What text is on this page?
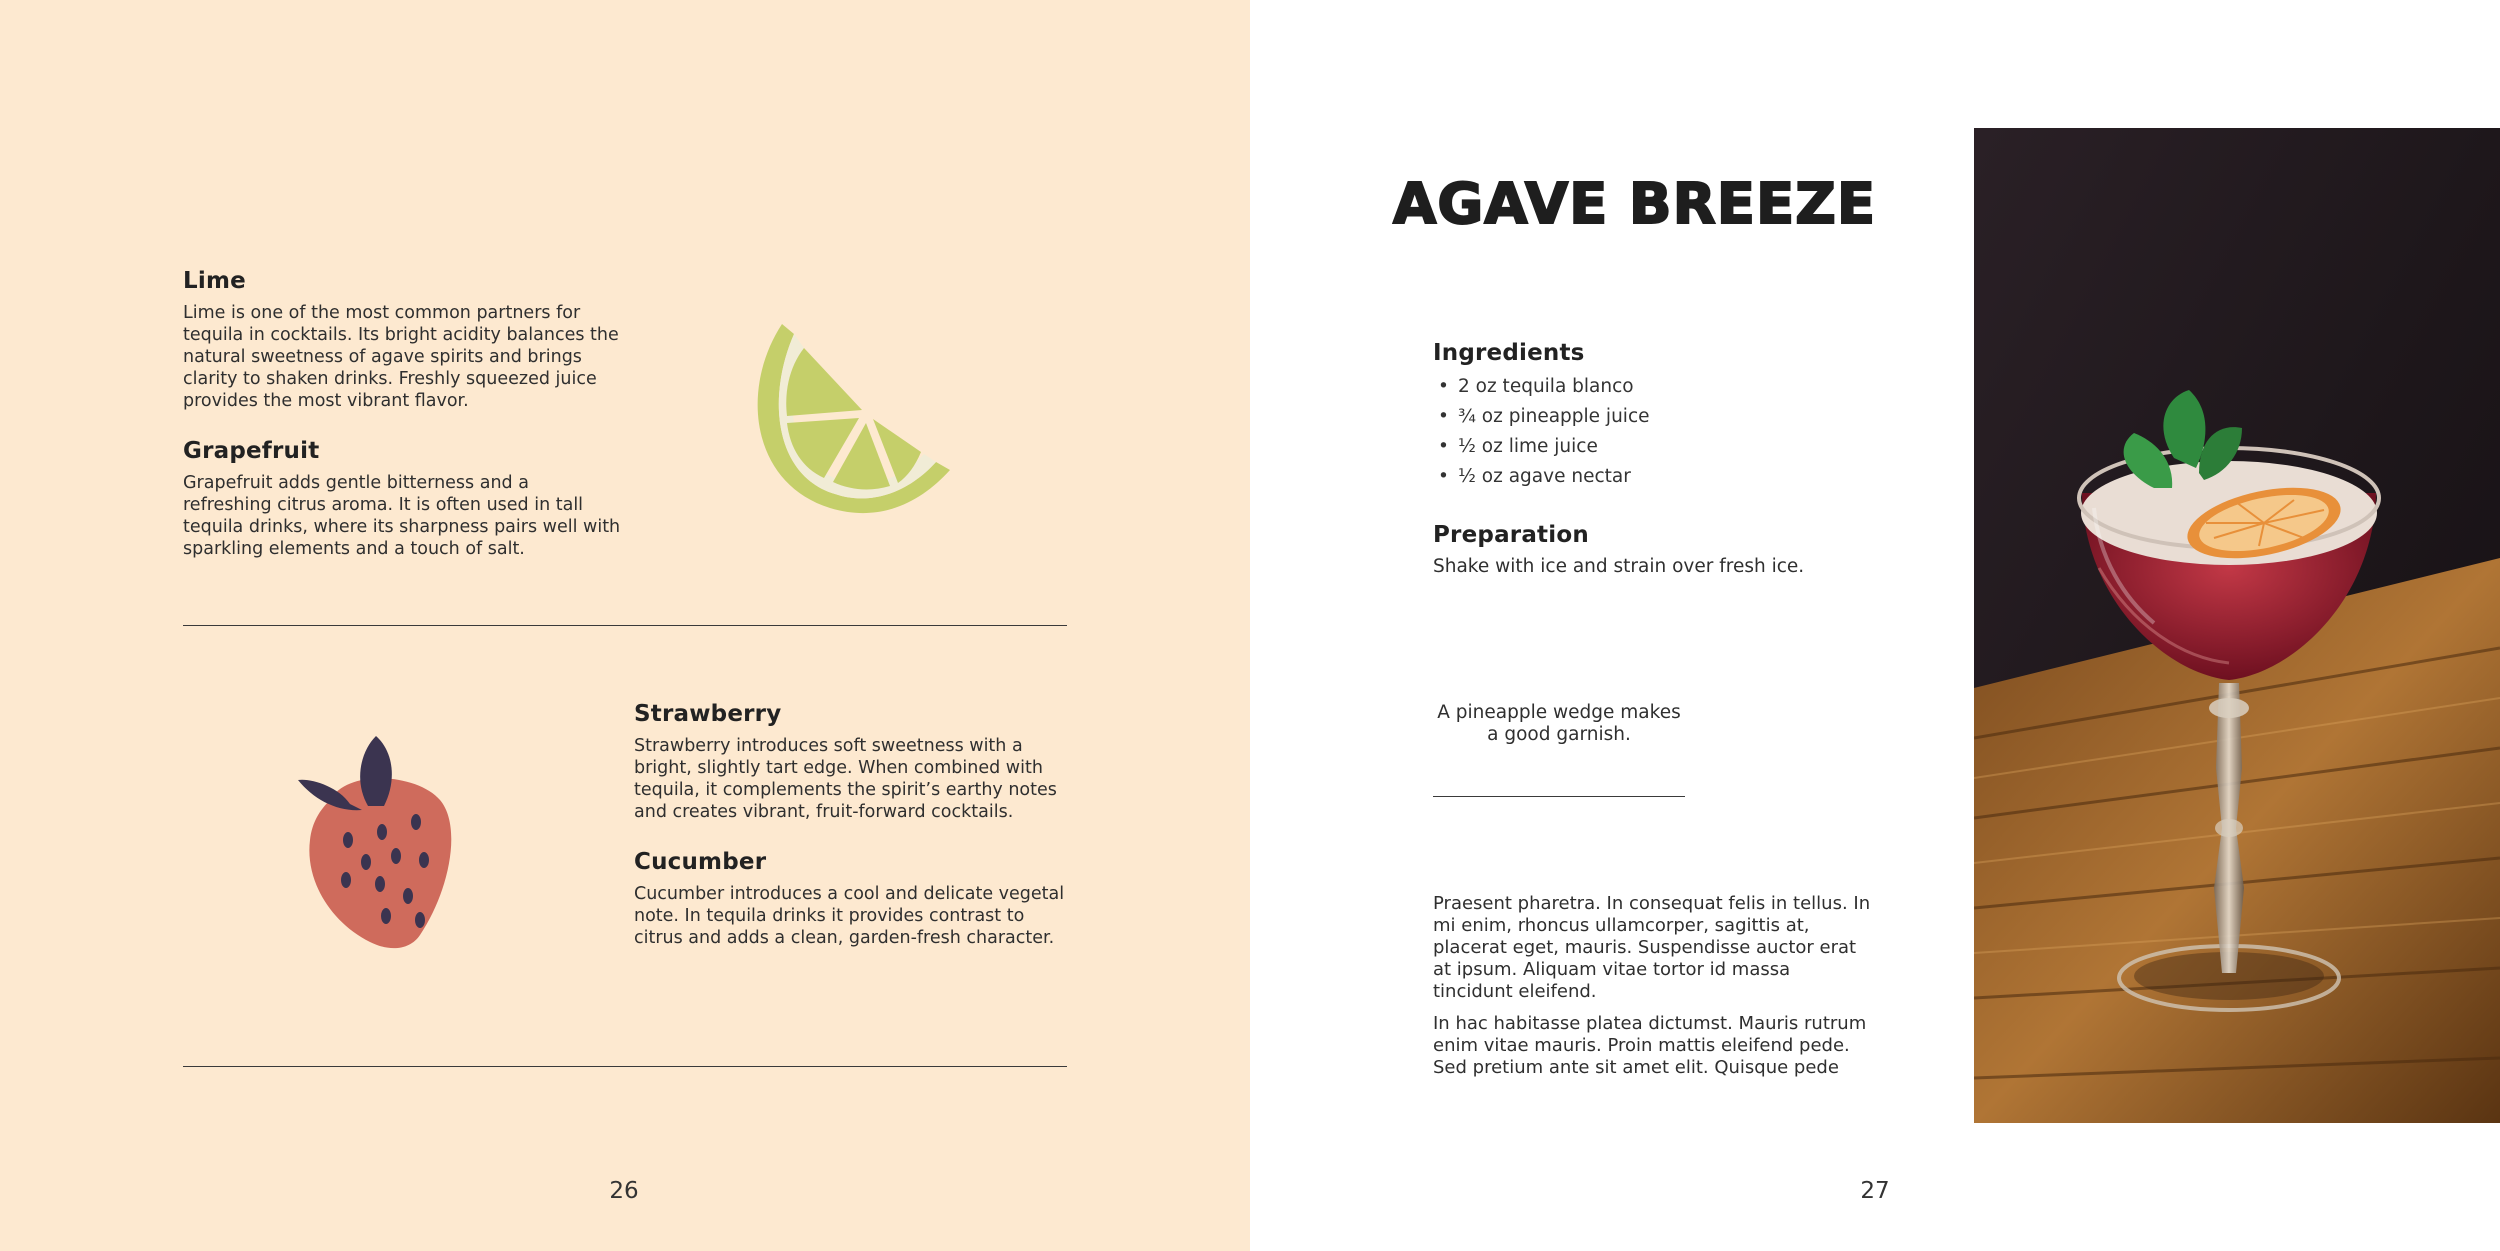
Lime

Lime is one of the most common partners for tequila in cocktails. Its bright acidity balances the natural sweetness of agave spirits and brings clarity to shaken drinks. Freshly squeezed juice provides the most vibrant flavor.

Grapefruit

Grapefruit adds gentle bitterness and a refreshing citrus aroma. It is often used in tall tequila drinks, where its sharpness pairs well with sparkling elements and a touch of salt.

Strawberry

Strawberry introduces soft sweetness with a bright, slightly tart edge. When combined with tequila, it complements the spirit’s earthy notes and creates vibrant, fruit-forward cocktails.

Cucumber

Cucumber introduces a cool and delicate vegetal note. In tequila drinks it provides contrast to citrus and adds a clean, garden-fresh character.

26
AGAVE BREEZE
Ingredients
• 2 oz tequila blanco
• ¾ oz pineapple juice
• ½ oz lime juice
• ½ oz agave nectar
Preparation

Shake with ice and strain over fresh ice.

A pineapple wedge makes
a good garnish.

Praesent pharetra. In consequat felis in tellus. In mi enim, rhoncus ullamcorper, sagittis at, placerat eget, mauris. Suspendisse auctor erat at ipsum. Aliquam vitae tortor id massa tincidunt eleifend.

In hac habitasse platea dictumst. Mauris rutrum enim vitae mauris. Proin mattis eleifend pede. Sed pretium ante sit amet elit. Quisque pede

27
